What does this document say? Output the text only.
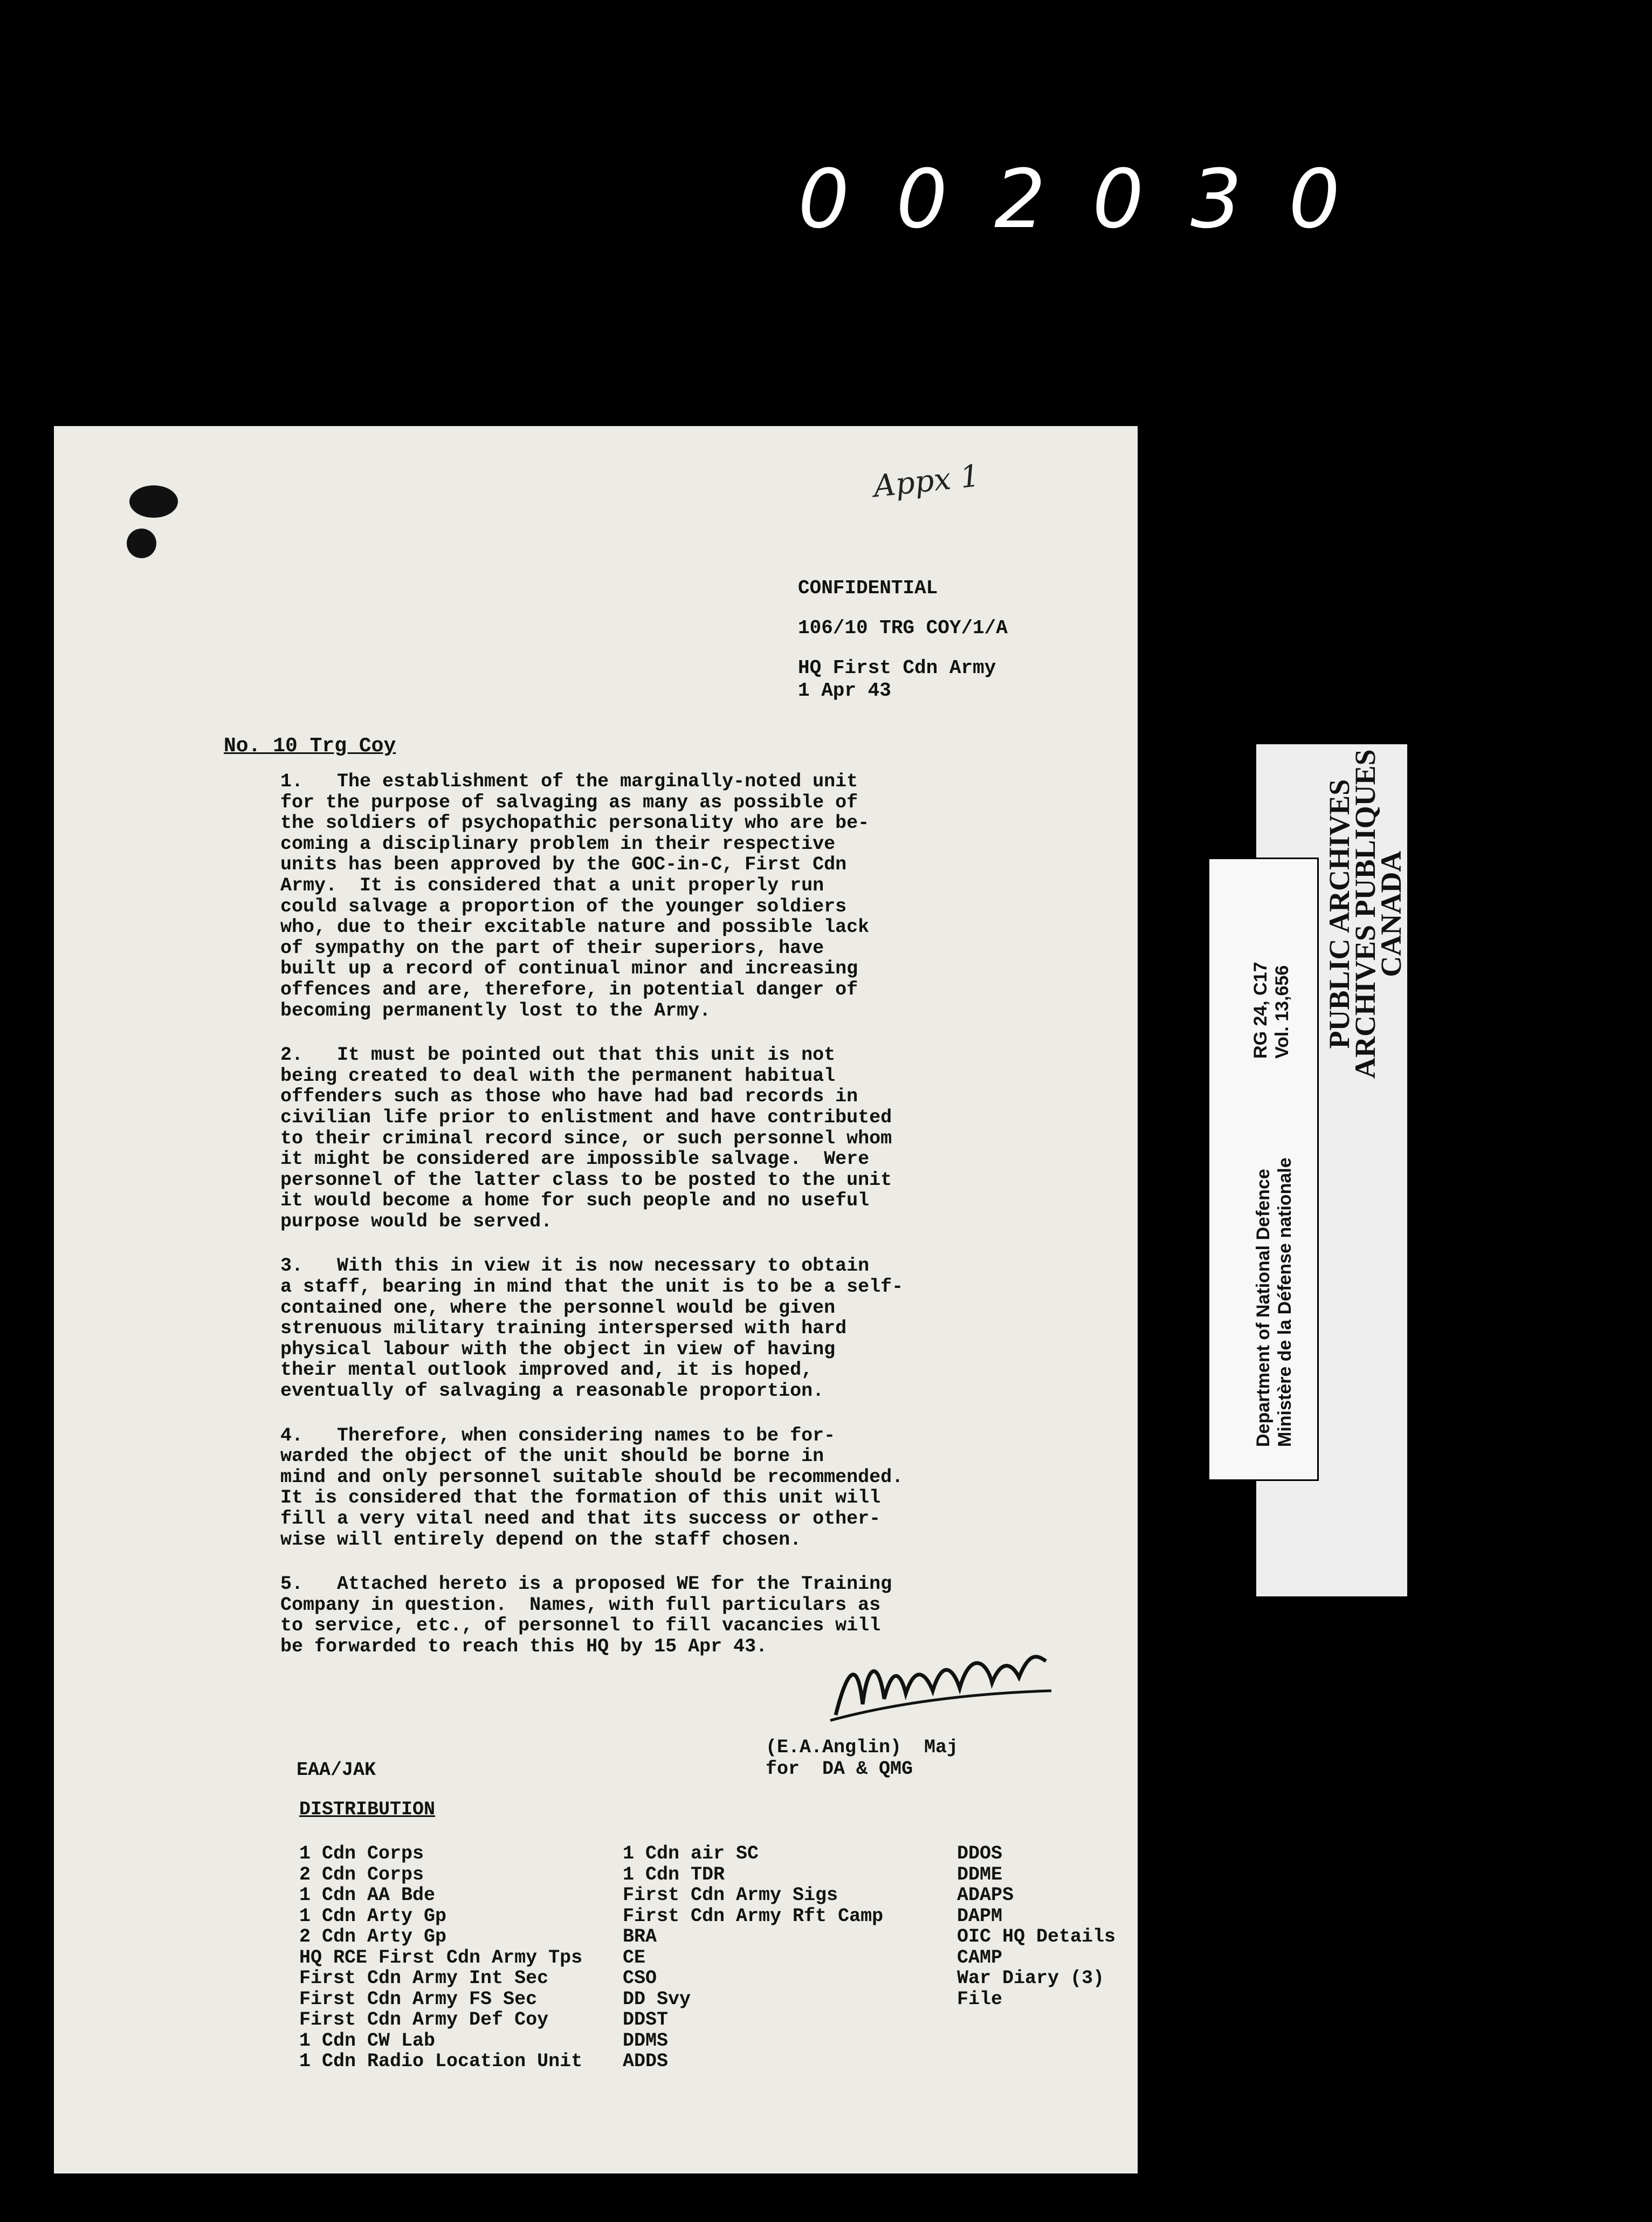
0 0 2 0 3 0
Appx 1
CONFIDENTIAL
106/10 TRG COY/1/A
HQ First Cdn Army
1 Apr 43
No. 10 Trg Coy
1.   The establishment of the marginally-noted unit
for the purpose of salvaging as many as possible of
the soldiers of psychopathic personality who are be-
coming a disciplinary problem in their respective
units has been approved by the GOC-in-C, First Cdn
Army.  It is considered that a unit properly run
could salvage a proportion of the younger soldiers
who, due to their excitable nature and possible lack
of sympathy on the part of their superiors, have
built up a record of continual minor and increasing
offences and are, therefore, in potential danger of
becoming permanently lost to the Army.
2.   It must be pointed out that this unit is not
being created to deal with the permanent habitual
offenders such as those who have had bad records in
civilian life prior to enlistment and have contributed
to their criminal record since, or such personnel whom
it might be considered are impossible salvage.  Were
personnel of the latter class to be posted to the unit
it would become a home for such people and no useful
purpose would be served.
3.   With this in view it is now necessary to obtain
a staff, bearing in mind that the unit is to be a self-
contained one, where the personnel would be given
strenuous military training interspersed with hard
physical labour with the object in view of having
their mental outlook improved and, it is hoped,
eventually of salvaging a reasonable proportion.
4.   Therefore, when considering names to be for-
warded the object of the unit should be borne in
mind and only personnel suitable should be recommended.
It is considered that the formation of this unit will
fill a very vital need and that its success or other-
wise will entirely depend on the staff chosen.
5.   Attached hereto is a proposed WE for the Training
Company in question.  Names, with full particulars as
to service, etc., of personnel to fill vacancies will
be forwarded to reach this HQ by 15 Apr 43.
(E.A.Anglin)  Maj
for  DA & QMG
EAA/JAK
DISTRIBUTION
1 Cdn Corps
2 Cdn Corps
1 Cdn AA Bde
1 Cdn Arty Gp
2 Cdn Arty Gp
HQ RCE First Cdn Army Tps
First Cdn Army Int Sec
First Cdn Army FS Sec
First Cdn Army Def Coy
1 Cdn CW Lab
1 Cdn Radio Location Unit
1 Cdn air SC
1 Cdn TDR
First Cdn Army Sigs
First Cdn Army Rft Camp
BRA
CE
CSO
DD Svy
DDST
DDMS
ADDS
DDOS
DDME
ADAPS
DAPM
OIC HQ Details
CAMP
War Diary (3)
File
PUBLIC ARCHIVES
ARCHIVES PUBLIQUES
CANADA
Department of National Defence Ministère de la Défense nationale
RG 24, C17 Vol. 13,656
